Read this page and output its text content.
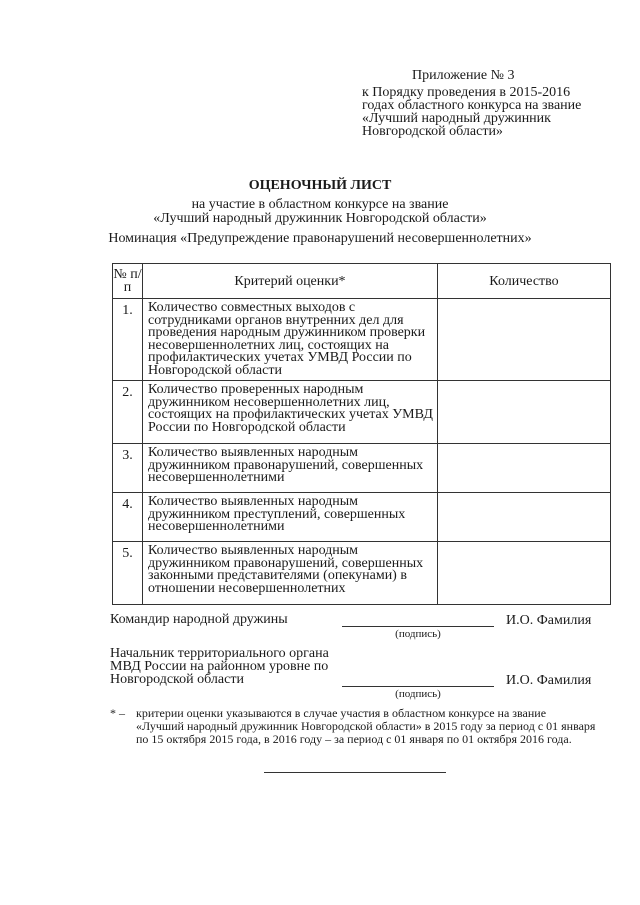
Приложение № 3
к Порядку проведения в 2015-2016 годах областного конкурса на звание «Лучший народный дружинник Новгородской области»
ОЦЕНОЧНЫЙ ЛИСТ
на участие в областном конкурсе на звание
«Лучший народный дружинник Новгородской области»
Номинация «Предупреждение правонарушений несовершеннолетних»
№ п/п	Критерий оценки*	Количество
1.	Количество совместных выходов с сотрудниками органов внутренних дел для проведения народным дружинником проверки несовершеннолетних лиц, состоящих на профилактических учетах УМВД России по Новгородской области	
2.	Количество проверенных народным дружинником несовершеннолетних лиц, состоящих на профилактических учетах УМВД России по Новгородской области	
3.	Количество выявленных народным дружинником правонарушений, совершенных несовершеннолетними	
4.	Количество выявленных народным дружинником преступлений, совершенных несовершеннолетними	
5.	Количество выявленных народным дружинником правонарушений, совершенных законными представителями (опекунами) в отношении несовершеннолетних	
Командир народной дружины
(подпись)
И.О. Фамилия
Начальник территориального органа МВД России на районном уровне по Новгородской области
(подпись)
И.О. Фамилия
* – критерии оценки указываются в случае участия в областном конкурсе на звание «Лучший народный дружинник Новгородской области» в 2015 году за период с 01 января по 15 октября 2015 года, в 2016 году – за период с 01 января по 01 октября 2016 года.
